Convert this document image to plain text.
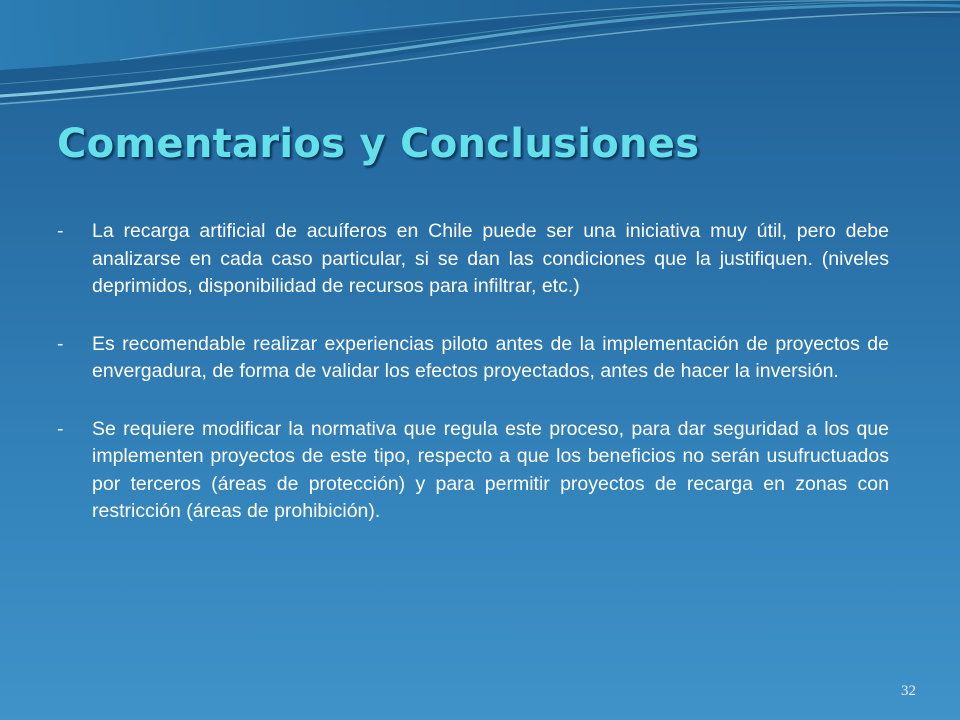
Comentarios y Conclusiones
-	La recarga artificial de acuíferos en Chile puede ser una iniciativa muy útil, pero debe analizarse en cada caso particular, si se dan las condiciones que la justifiquen. (niveles deprimidos, disponibilidad de recursos para infiltrar, etc.)
-	Es recomendable realizar experiencias piloto antes de la implementación de proyectos de envergadura, de forma de validar los efectos proyectados, antes de hacer la inversión.
-	Se requiere modificar la normativa que regula este proceso, para dar seguridad a los que implementen proyectos de este tipo, respecto a que los beneficios no serán usufructuados por terceros (áreas de protección) y para permitir proyectos de recarga en zonas con restricción (áreas de prohibición).
32
